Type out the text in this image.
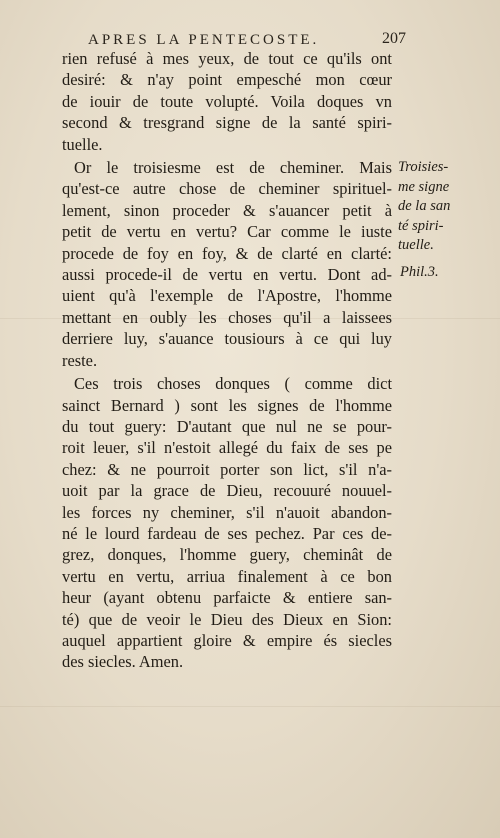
APRES LA PENTECOSTE.	207

rien refusé à mes yeux, de tout ce qu'ils ont
desiré: & n'ay point empesché mon cœur
de iouir de toute volupté. Voila doques vn
second & tresgrand signe de la santé spiri-
tuelle.

Or le troisiesme est de cheminer. Mais
qu'est-ce autre chose de cheminer spirituel-
lement, sinon proceder & s'auancer petit à
petit de vertu en vertu? Car comme le iuste
procede de foy en foy, & de clarté en clarté:
aussi procede-il de vertu en vertu. Dont ad-
uient qu'à l'exemple de l'Apostre, l'homme
mettant en oubly les choses qu'il a laissees
derriere luy, s'auance tousiours à ce qui luy
reste.

Ces trois choses donques ( comme dict
sainct Bernard ) sont les signes de l'homme
du tout guery: D'autant que nul ne se pour-
roit leuer, s'il n'estoit allegé du faix de ses pe
chez: & ne pourroit porter son lict, s'il n'a-
uoit par la grace de Dieu, recouuré nouuel-
les forces ny cheminer, s'il n'auoit abandon-
né le lourd fardeau de ses pechez. Par ces de-
grez, donques, l'homme guery, cheminât de
vertu en vertu, arriua finalement à ce bon
heur (ayant obtenu parfaicte & entiere san-
té) que de veoir le Dieu des Dieux en Sion:
auquel appartient gloire & empire és siecles
des siecles. Amen.

Troisies-
me signe
de la san
té spiri-
tuelle.
Phil.3.
